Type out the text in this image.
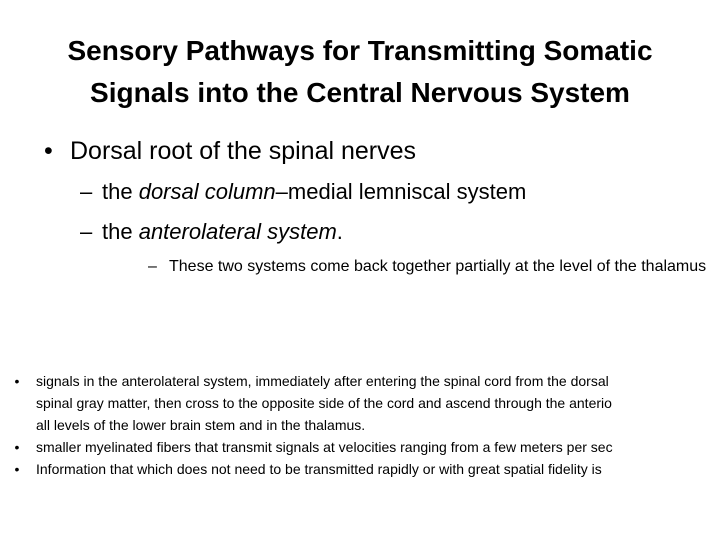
Sensory Pathways for Transmitting Somatic
Signals into the Central Nervous System
• Dorsal root of the spinal nerves
– the dorsal column–medial lemniscal system
– the anterolateral system.
– These two systems come back together partially at the level of the thalamus
•	signals in the anterolateral system, immediately after entering the spinal cord from the dorsal
spinal gray matter, then cross to the opposite side of the cord and ascend through the anterio
all levels of the lower brain stem and in the thalamus.
•	smaller myelinated fibers that transmit signals at velocities ranging from a few meters per sec
•	Information that which does not need to be transmitted rapidly or with great spatial fidelity is
